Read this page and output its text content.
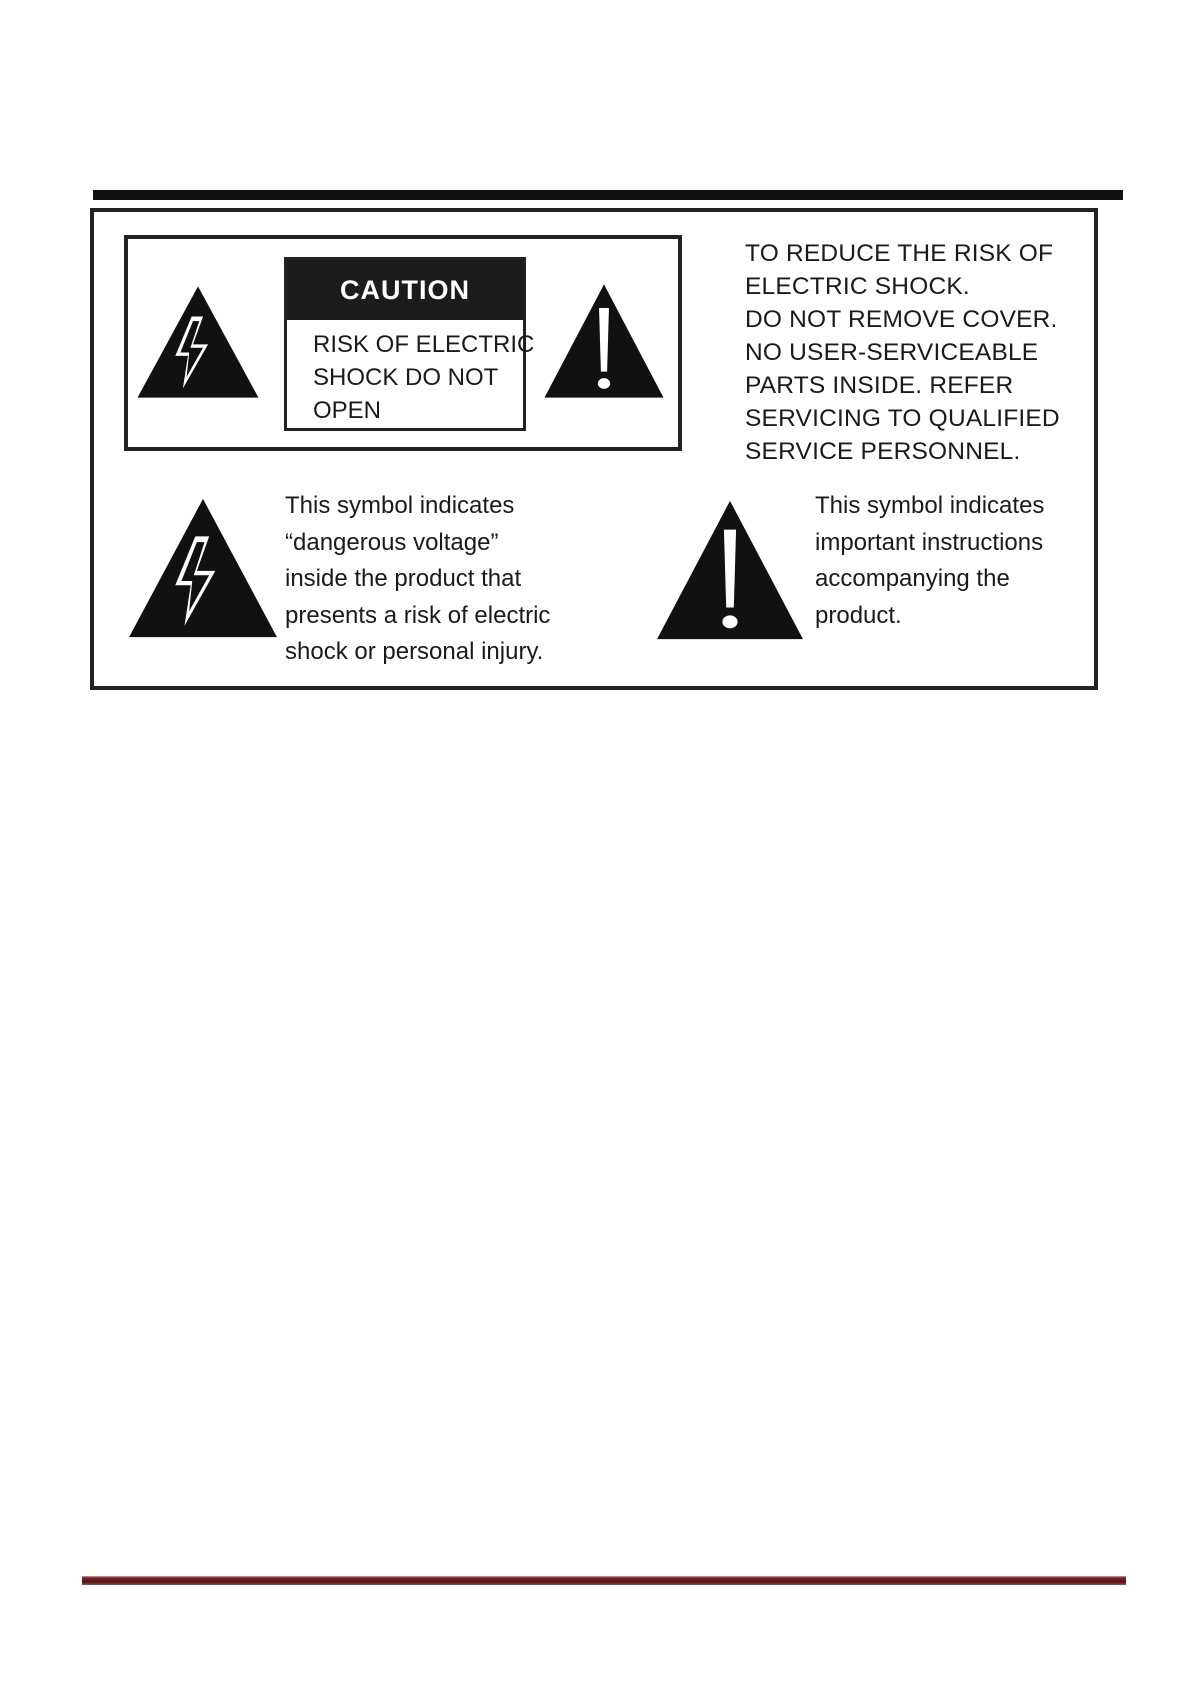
CAUTION
RISK OF ELECTRIC
SHOCK DO NOT
OPEN
TO REDUCE THE RISK OF
ELECTRIC SHOCK.
DO NOT REMOVE COVER.
NO USER-SERVICEABLE
PARTS INSIDE. REFER
SERVICING TO QUALIFIED
SERVICE PERSONNEL.
This symbol indicates
“dangerous voltage”
inside the product that
presents a risk of electric
shock or personal injury.
This symbol indicates
important instructions
accompanying the
product.
